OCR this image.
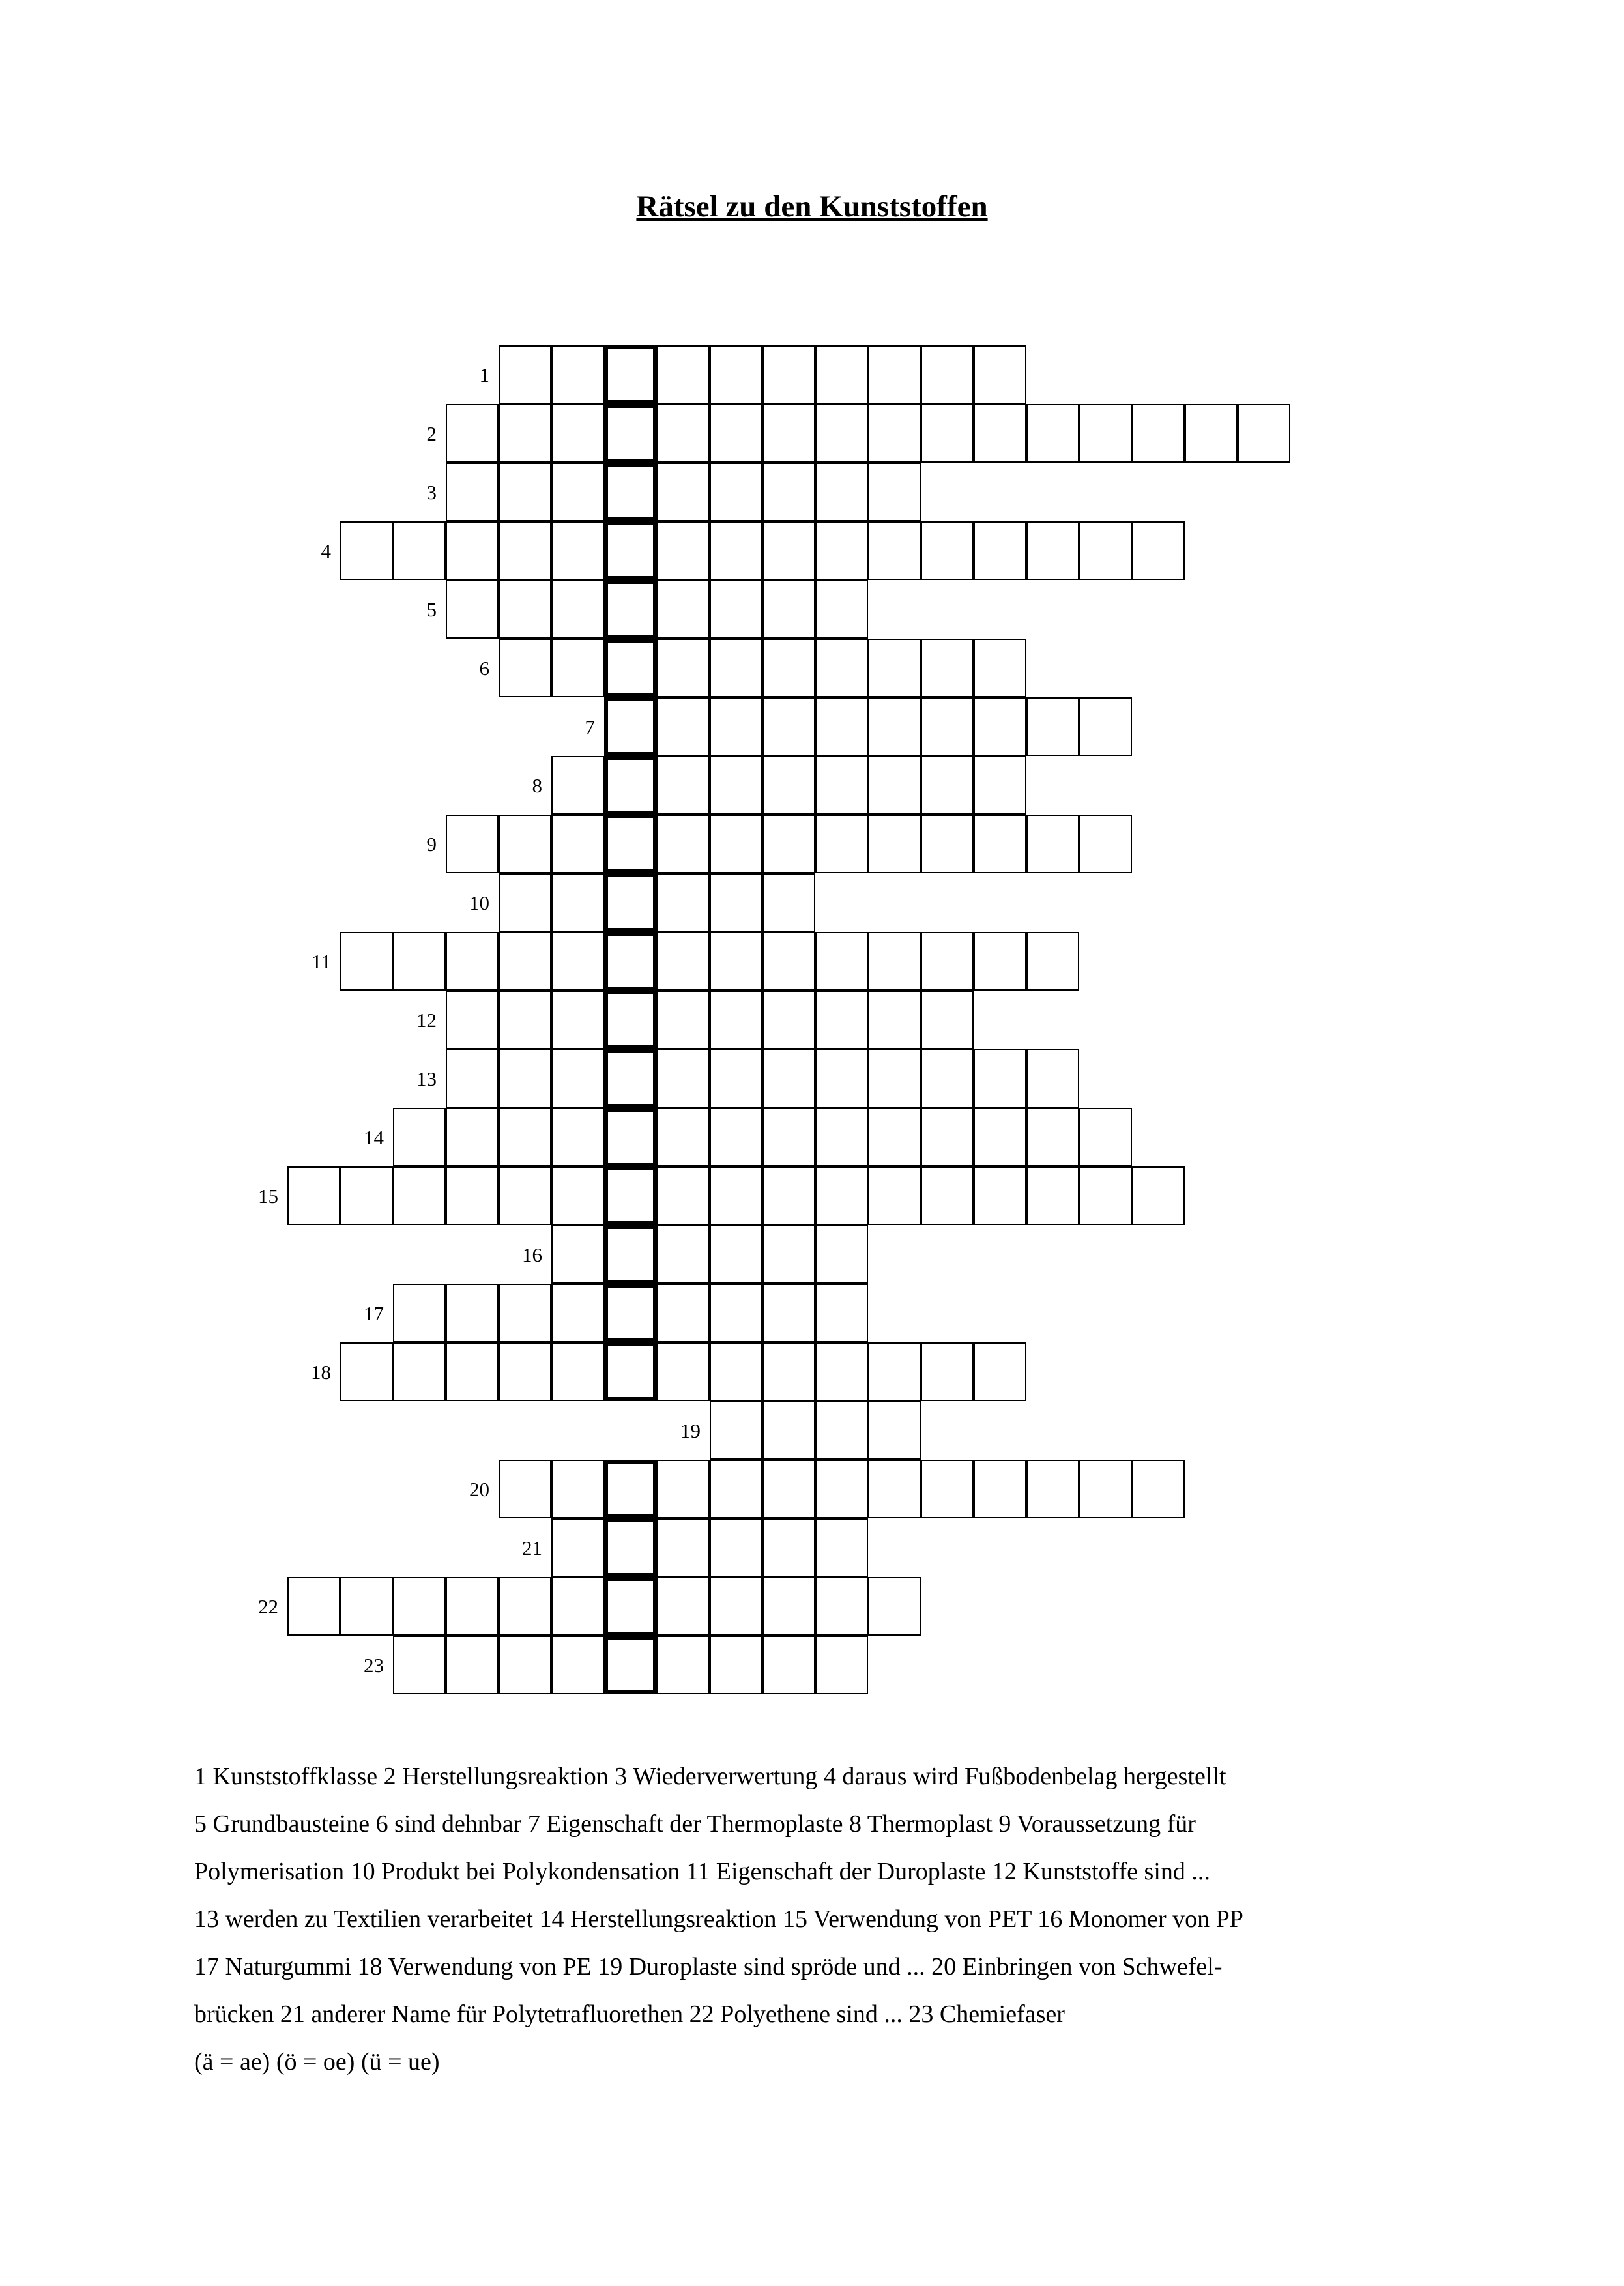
Rätsel zu den Kunststoffen
1
2
3
4
5
6
7
8
9
10
11
12
13
14
15
16
17
18
19
20
21
22
23
1 Kunststoffklasse 2 Herstellungsreaktion 3 Wiederverwertung 4 daraus wird Fußbodenbelag hergestellt
5 Grundbausteine 6 sind dehnbar 7 Eigenschaft der Thermoplaste 8 Thermoplast 9 Voraussetzung für
Polymerisation 10 Produkt bei Polykondensation 11 Eigenschaft der Duroplaste 12 Kunststoffe sind ...
13 werden zu Textilien verarbeitet 14 Herstellungsreaktion 15 Verwendung von PET 16 Monomer von PP
17 Naturgummi 18 Verwendung von PE 19 Duroplaste sind spröde und ... 20 Einbringen von Schwefel-
brücken 21 anderer Name für Polytetrafluorethen 22 Polyethene sind ... 23 Chemiefaser
(ä = ae) (ö = oe) (ü = ue)
